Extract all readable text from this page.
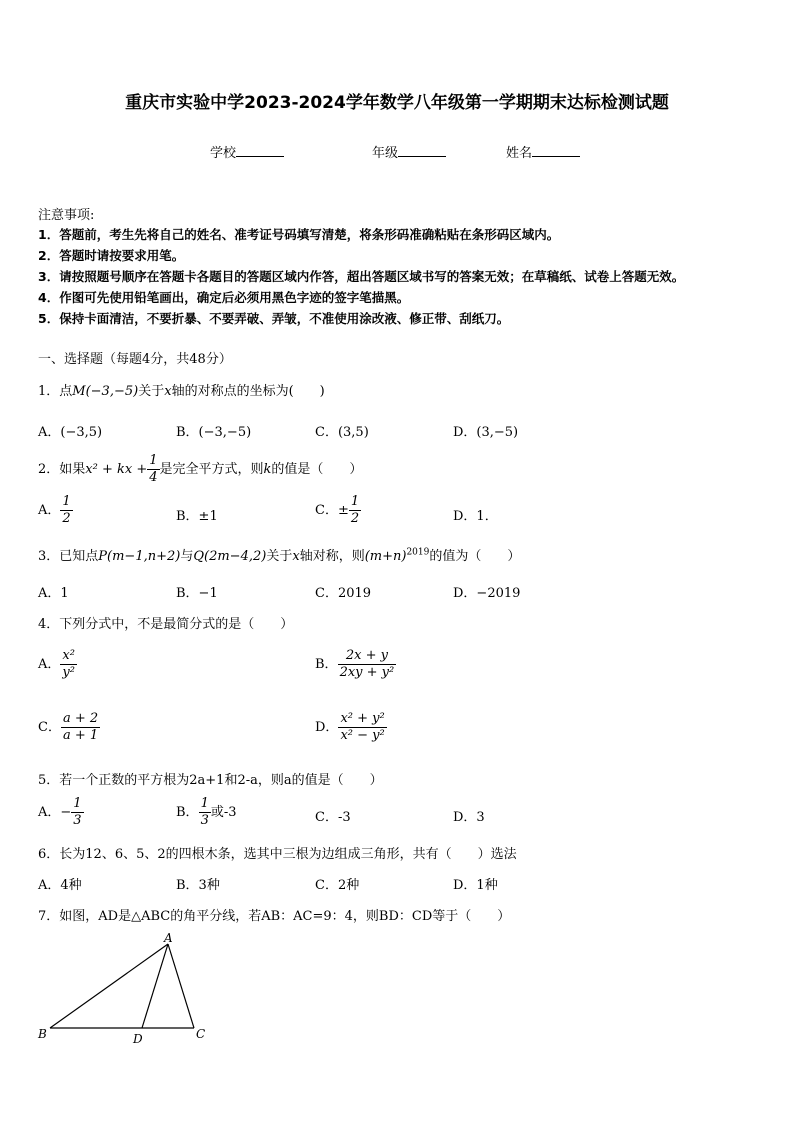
重庆市实验中学2023-2024学年数学八年级第一学期期末达标检测试题
学校	年级	姓名
注意事项:
1．答题前，考生先将自己的姓名、准考证号码填写清楚，将条形码准确粘贴在条形码区域内。
2．答题时请按要求用笔。
3．请按照题号顺序在答题卡各题目的答题区域内作答，超出答题区域书写的答案无效；在草稿纸、试卷上答题无效。
4．作图可先使用铅笔画出，确定后必须用黑色字迹的签字笔描黑。
5．保持卡面清洁，不要折暴、不要弄破、弄皱，不准使用涂改液、修正带、刮纸刀。
一、选择题（每题4分，共48分）
1．点M(−3,−5)关于x轴的对称点的坐标为(　　)
A．(−3,5)	B．(−3,−5)	C．(3,5)	D．(3,−5)
2．如果x² + kx + $\frac{1}{4}$ 是完全平方式，则k的值是（　　）
A． $\frac{1}{2}$	B．±1	C．± $\frac{1}{2}$	D．1．
3．已知点P(m−1,n+2)与Q(2m−4,2)关于x轴对称，则$(m+n)^{2019}$的值为（　　）
A．1	B．−1	C．2019	D．−2019
4．下列分式中，不是最简分式的是（　　）
A． $\frac{\text{x²}}{\text{y²}}$	B． $\frac{2x + y}{\text{2xy + y²}}$
C． $\frac{a + 2}{a + 1}$	D． $\frac{\text{x² + y²}}{\text{x² − y²}}$
5．若一个正数的平方根为2a+1和2-a，则a的值是（　　）
A．− $\frac{1}{3}$	B． $\frac{1}{3}$ 或-3	C．-3	D．3
6．长为12、6、5、2的四根木条，选其中三根为边组成三角形，共有（　　）选法
A．4种	B．3种	C．2种	D．1种
7．如图，AD是△ABC的角平分线，若AB：AC=9：4，则BD：CD等于（　　）
A
B	C
D
